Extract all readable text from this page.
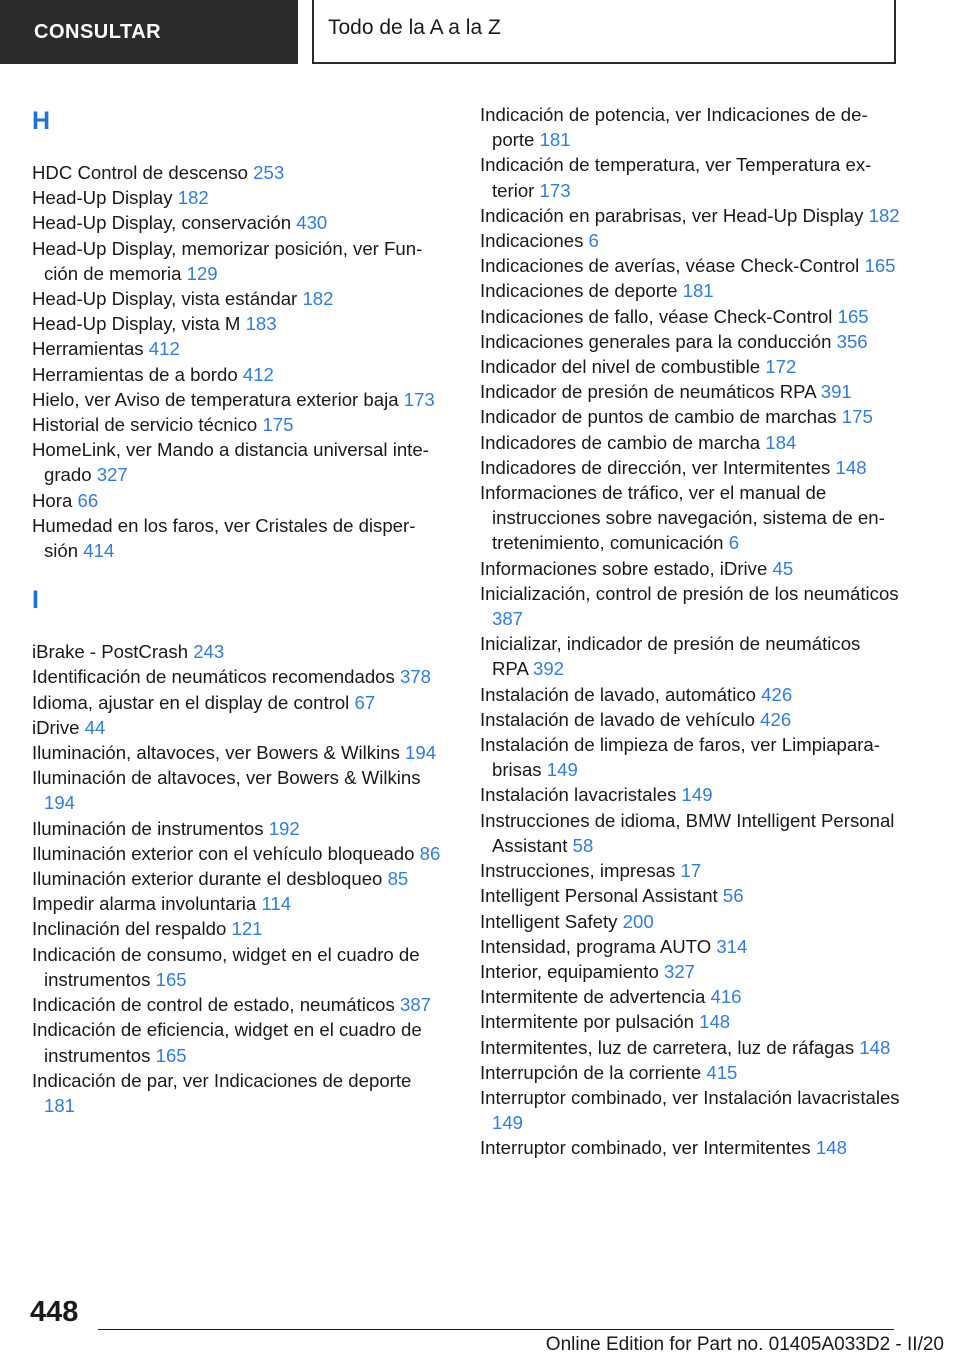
CONSULTAR	Todo de la A a la Z
H
HDC Control de descenso 253
Head-Up Display 182
Head-Up Display, conservación 430
Head-Up Display, memorizar posición, ver Función de memoria 129
Head-Up Display, vista estándar 182
Head-Up Display, vista M 183
Herramientas 412
Herramientas de a bordo 412
Hielo, ver Aviso de temperatura exterior baja 173
Historial de servicio técnico 175
HomeLink, ver Mando a distancia universal integrado 327
Hora 66
Humedad en los faros, ver Cristales de dispersión 414
I
iBrake - PostCrash 243
Identificación de neumáticos recomendados 378
Idioma, ajustar en el display de control 67
iDrive 44
Iluminación, altavoces, ver Bowers & Wilkins 194
Iluminación de altavoces, ver Bowers & Wilkins 194
Iluminación de instrumentos 192
Iluminación exterior con el vehículo bloqueado 86
Iluminación exterior durante el desbloqueo 85
Impedir alarma involuntaria 114
Inclinación del respaldo 121
Indicación de consumo, widget en el cuadro de instrumentos 165
Indicación de control de estado, neumáticos 387
Indicación de eficiencia, widget en el cuadro de instrumentos 165
Indicación de par, ver Indicaciones de deporte 181
Indicación de potencia, ver Indicaciones de deporte 181
Indicación de temperatura, ver Temperatura exterior 173
Indicación en parabrisas, ver Head-Up Display 182
Indicaciones 6
Indicaciones de averías, véase Check-Control 165
Indicaciones de deporte 181
Indicaciones de fallo, véase Check-Control 165
Indicaciones generales para la conducción 356
Indicador del nivel de combustible 172
Indicador de presión de neumáticos RPA 391
Indicador de puntos de cambio de marchas 175
Indicadores de cambio de marcha 184
Indicadores de dirección, ver Intermitentes 148
Informaciones de tráfico, ver el manual de instrucciones sobre navegación, sistema de entretenimiento, comunicación 6
Informaciones sobre estado, iDrive 45
Inicialización, control de presión de los neumáticos 387
Inicializar, indicador de presión de neumáticos RPA 392
Instalación de lavado, automático 426
Instalación de lavado de vehículo 426
Instalación de limpieza de faros, ver Limpiaparabrisas 149
Instalación lavacristales 149
Instrucciones de idioma, BMW Intelligent Personal Assistant 58
Instrucciones, impresas 17
Intelligent Personal Assistant 56
Intelligent Safety 200
Intensidad, programa AUTO 314
Interior, equipamiento 327
Intermitente de advertencia 416
Intermitente por pulsación 148
Intermitentes, luz de carretera, luz de ráfagas 148
Interrupción de la corriente 415
Interruptor combinado, ver Instalación lavacristales 149
Interruptor combinado, ver Intermitentes 148
448
Online Edition for Part no. 01405A033D2 - II/20
